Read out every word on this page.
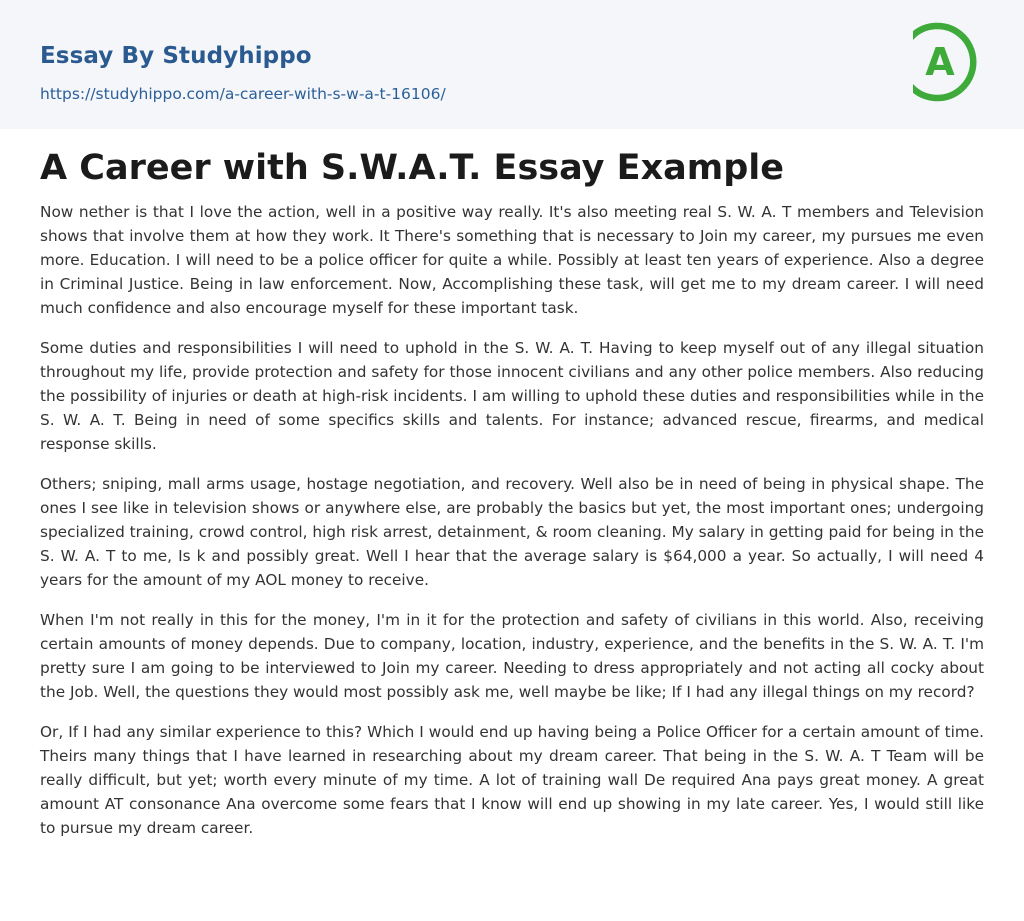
Essay By Studyhippo
https://studyhippo.com/a-career-with-s-w-a-t-16106/
A
A Career with S.W.A.T. Essay Example

Now nether is that I love the action, well in a positive way really. It's also meeting real S. W. A. T members and Television shows that involve them at how they work. It There's something that is necessary to Join my career, my pursues me even more. Education. I will need to be a police officer for quite a while. Possibly at least ten years of experience. Also a degree in Criminal Justice. Being in law enforcement. Now, Accomplishing these task, will get me to my dream career. I will need much confidence and also encourage myself for these important task.

Some duties and responsibilities I will need to uphold in the S. W. A. T. Having to keep myself out of any illegal situation throughout my life, provide protection and safety for those innocent civilians and any other police members. Also reducing the possibility of injuries or death at high-risk incidents. I am willing to uphold these duties and responsibilities while in the S. W. A. T. Being in need of some specifics skills and talents. For instance; advanced rescue, firearms, and medical response skills.

Others; sniping, mall arms usage, hostage negotiation, and recovery. Well also be in need of being in physical shape. The ones I see like in television shows or anywhere else, are probably the basics but yet, the most important ones; undergoing specialized training, crowd control, high risk arrest, detainment, & room cleaning. My salary in getting paid for being in the S. W. A. T to me, Is k and possibly great. Well I hear that the average salary is $64,000 a year. So actually, I will need 4 years for the amount of my AOL money to receive.

When I'm not really in this for the money, I'm in it for the protection and safety of civilians in this world. Also, receiving certain amounts of money depends. Due to company, location, industry, experience, and the benefits in the S. W. A. T. I'm pretty sure I am going to be interviewed to Join my career. Needing to dress appropriately and not acting all cocky about the Job. Well, the questions they would most possibly ask me, well maybe be like; If I had any illegal things on my record?

Or, If I had any similar experience to this? Which I would end up having being a Police Officer for a certain amount of time. Theirs many things that I have learned in researching about my dream career. That being in the S. W. A. T Team will be really difficult, but yet; worth every minute of my time. A lot of training wall De required Ana pays great money. A great amount AT consonance Ana overcome some fears that I know will end up showing in my late career. Yes, I would still like to pursue my dream career.
